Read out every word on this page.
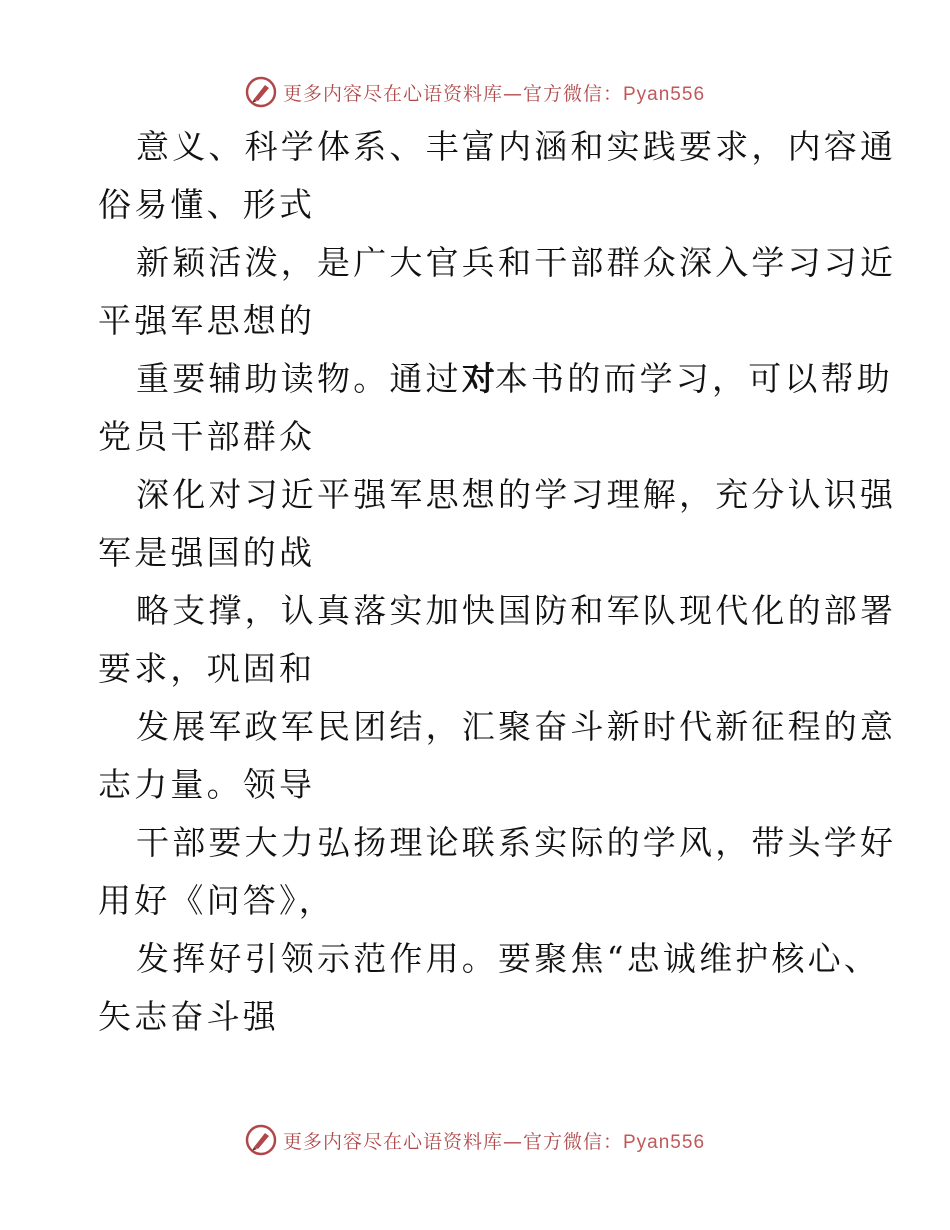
更多内容尽在心语资料库—官方微信：Pyan556
意义、科学体系、丰富内涵和实践要求，内容通
俗易懂、形式
新颖活泼，是广大官兵和干部群众深入学习习近
平强军思想的
重要辅助读物。通过对本书的而学习，可以帮助
党员干部群众
深化对习近平强军思想的学习理解，充分认识强
军是强国的战
略支撑，认真落实加快国防和军队现代化的部署
要求，巩固和
发展军政军民团结，汇聚奋斗新时代新征程的意
志力量。领导
干部要大力弘扬理论联系实际的学风，带头学好
用好《问答》，
发挥好引领示范作用。要聚焦“忠诚维护核心、
矢志奋斗强
更多内容尽在心语资料库—官方微信：Pyan556
